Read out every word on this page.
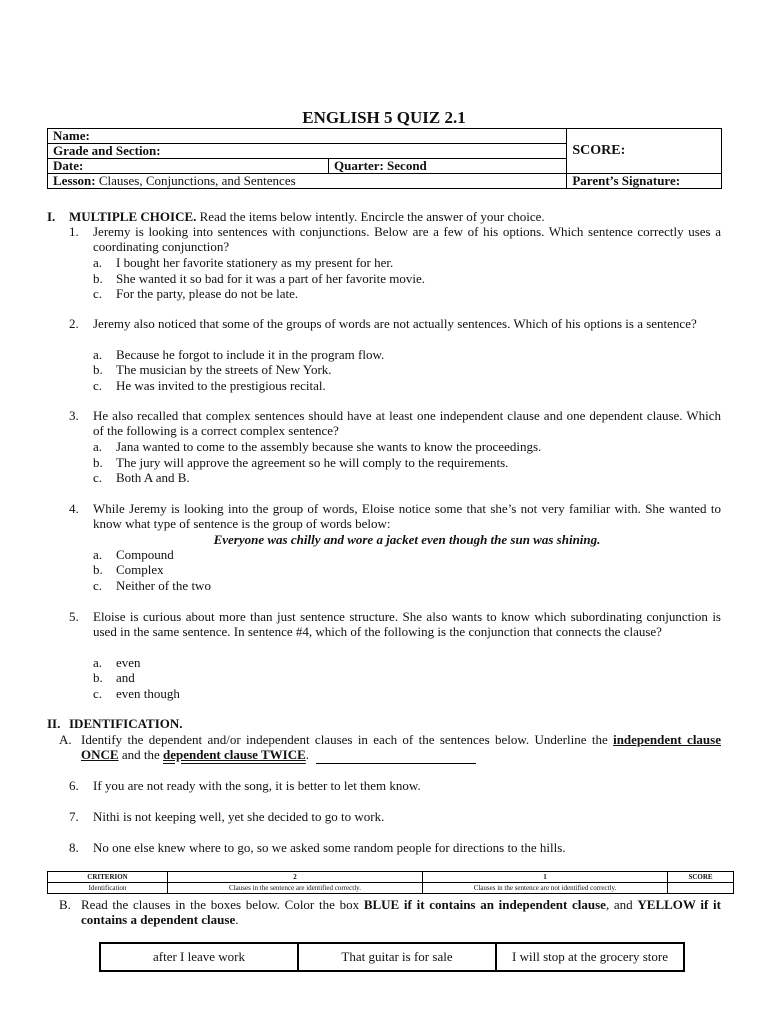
ENGLISH 5 QUIZ 2.1
Name:		SCORE:
Grade and Section:		
Date:	Quarter: Second	
Lesson: Clauses, Conjunctions, and Sentences		Parent’s Signature:
I. MULTIPLE CHOICE. Read the items below intently. Encircle the answer of your choice.
1.	Jeremy is looking into sentences with conjunctions. Below are a few of his options. Which sentence correctly uses a coordinating conjunction?
a. I bought her favorite stationery as my present for her.
b. She wanted it so bad for it was a part of her favorite movie.
c. For the party, please do not be late.
2.	Jeremy also noticed that some of the groups of words are not actually sentences. Which of his options is a sentence?
a. Because he forgot to include it in the program flow.
b. The musician by the streets of New York.
c. He was invited to the prestigious recital.
3.	He also recalled that complex sentences should have at least one independent clause and one dependent clause. Which of the following is a correct complex sentence?
a. Jana wanted to come to the assembly because she wants to know the proceedings.
b. The jury will approve the agreement so he will comply to the requirements.
c. Both A and B.
4.	While Jeremy is looking into the group of words, Eloise notice some that she’s not very familiar with. She wanted to know what type of sentence is the group of words below:
Everyone was chilly and wore a jacket even though the sun was shining.
a. Compound
b. Complex
c. Neither of the two
5.	Eloise is curious about more than just sentence structure. She also wants to know which subordinating conjunction is used in the same sentence. In sentence #4, which of the following is the conjunction that connects the clause?
a. even
b. and
c. even though
II. IDENTIFICATION.
A. Identify the dependent and/or independent clauses in each of the sentences below. Underline the independent clause ONCE and the dependent clause TWICE.
6. If you are not ready with the song, it is better to let them know.
7. Nithi is not keeping well, yet she decided to go to work.
8. No one else knew where to go, so we asked some random people for directions to the hills.
CRITERION	2	1	SCORE
Identification	Clauses in the sentence are identified correctly.	Clauses in the sentence are not identified correctly.	
B. Read the clauses in the boxes below. Color the box BLUE if it contains an independent clause, and YELLOW if it contains a dependent clause.
after I leave work	That guitar is for sale	I will stop at the grocery store
